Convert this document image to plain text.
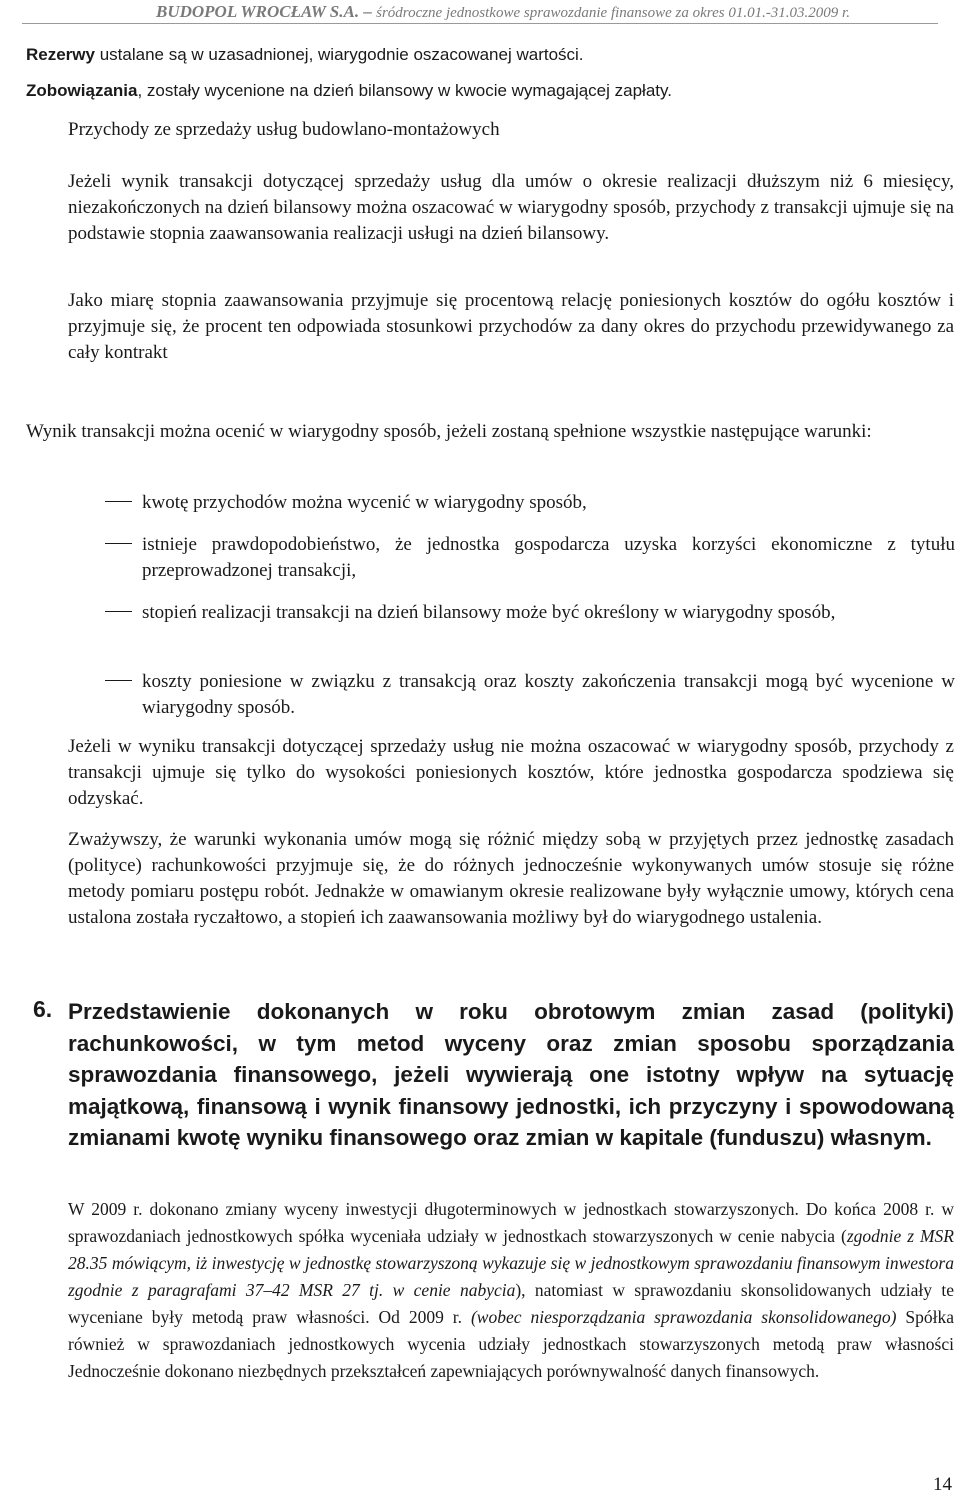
BUDOPOL WROCŁAW S.A. – śródroczne jednostkowe sprawozdanie finansowe za okres 01.01.-31.03.2009 r.

Rezerwy ustalane są w uzasadnionej, wiarygodnie oszacowanej wartości.

Zobowiązania, zostały wycenione na dzień bilansowy w kwocie wymagającej zapłaty.

Przychody ze sprzedaży usług budowlano-montażowych

Jeżeli wynik transakcji dotyczącej sprzedaży usług dla umów o okresie realizacji dłuższym niż 6 miesięcy, niezakończonych na dzień bilansowy można oszacować w wiarygodny sposób, przychody z transakcji ujmuje się na podstawie stopnia zaawansowania realizacji usługi na dzień bilansowy.

Jako miarę stopnia zaawansowania przyjmuje się procentową relację poniesionych kosztów do ogółu kosztów i przyjmuje się, że procent ten odpowiada stosunkowi przychodów za dany okres do przychodu przewidywanego za cały kontrakt

Wynik transakcji można ocenić w wiarygodny sposób, jeżeli zostaną spełnione wszystkie następujące warunki:

kwotę przychodów można wycenić w wiarygodny sposób,
istnieje prawdopodobieństwo, że jednostka gospodarcza uzyska korzyści ekonomiczne z tytułu przeprowadzonej transakcji,
stopień realizacji transakcji na dzień bilansowy może być określony w wiarygodny sposób,
koszty poniesione w związku z transakcją oraz koszty zakończenia transakcji mogą być wycenione w wiarygodny sposób.

Jeżeli w wyniku transakcji dotyczącej sprzedaży usług nie można oszacować w wiarygodny sposób, przychody z transakcji ujmuje się tylko do wysokości poniesionych kosztów, które jednostka gospodarcza spodziewa się odzyskać.

Zważywszy, że warunki wykonania umów mogą się różnić między sobą w przyjętych przez jednostkę zasadach (polityce) rachunkowości przyjmuje się, że do różnych jednocześnie wykonywanych umów stosuje się różne metody pomiaru postępu robót. Jednakże w omawianym okresie realizowane były wyłącznie umowy, których cena ustalona została ryczałtowo, a stopień ich zaawansowania możliwy był do wiarygodnego ustalenia.

6. Przedstawienie dokonanych w roku obrotowym zmian zasad (polityki) rachunkowości, w tym metod wyceny oraz zmian sposobu sporządzania sprawozdania finansowego, jeżeli wywierają one istotny wpływ na sytuację majątkową, finansową i wynik finansowy jednostki, ich przyczyny i spowodowaną zmianami kwotę wyniku finansowego oraz zmian w kapitale (funduszu) własnym.

W 2009 r. dokonano zmiany wyceny inwestycji długoterminowych w jednostkach stowarzyszonych. Do końca 2008 r. w sprawozdaniach jednostkowych spółka wyceniała udziały w jednostkach stowarzyszonych w cenie nabycia (zgodnie z MSR 28.35 mówiącym, iż inwestycję w jednostkę stowarzyszoną wykazuje się w jednostkowym sprawozdaniu finansowym inwestora zgodnie z paragrafami 37–42 MSR 27 tj. w cenie nabycia), natomiast w sprawozdaniu skonsolidowanych udziały te wyceniane były metodą praw własności. Od 2009 r. (wobec niesporządzania sprawozdania skonsolidowanego) Spółka również w sprawozdaniach jednostkowych wycenia udziały jednostkach stowarzyszonych metodą praw własności Jednocześnie dokonano niezbędnych przekształceń zapewniających porównywalność danych finansowych.

14
